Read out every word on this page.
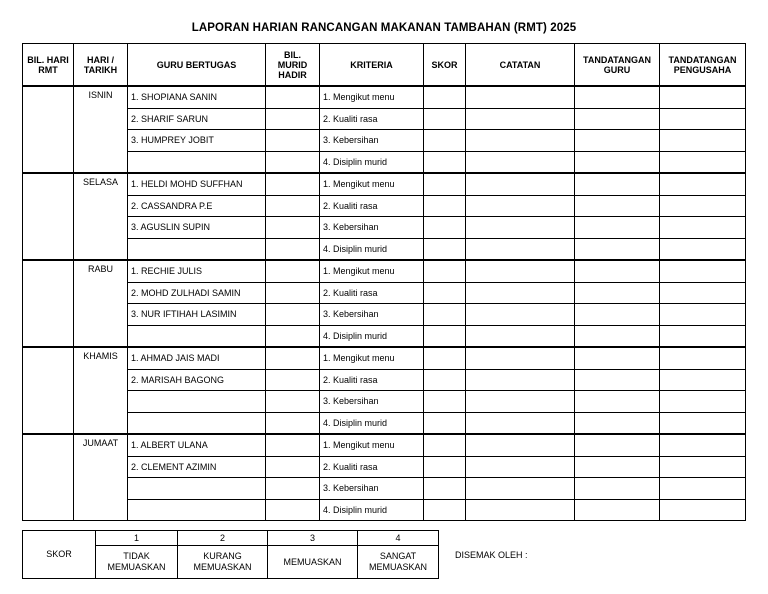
LAPORAN HARIAN RANCANGAN MAKANAN TAMBAHAN (RMT) 2025
BIL. HARI RMT	HARI / TARIKH	GURU BERTUGAS	BIL. MURID HADIR	KRITERIA	SKOR	CATATAN	TANDATANGAN GURU	TANDATANGAN PENGUSAHA
	ISNIN	1. SHOPIANA SANIN		1. Mengikut menu				
		2. SHARIF SARUN		2. Kualiti rasa				
		3. HUMPREY JOBIT		3. Kebersihan				
				4. Disiplin murid				
	SELASA	1. HELDI MOHD SUFFHAN		1. Mengikut menu				
		2. CASSANDRA P.E		2. Kualiti rasa				
		3. AGUSLIN SUPIN		3. Kebersihan				
				4. Disiplin murid				
	RABU	1. RECHIE JULIS		1. Mengikut menu				
		2. MOHD ZULHADI SAMIN		2. Kualiti rasa				
		3. NUR IFTIHAH LASIMIN		3. Kebersihan				
				4. Disiplin murid				
	KHAMIS	1. AHMAD JAIS MADI		1. Mengikut menu				
		2. MARISAH BAGONG		2. Kualiti rasa				
				3. Kebersihan				
				4. Disiplin murid				
	JUMAAT	1. ALBERT ULANA		1. Mengikut menu				
		2. CLEMENT AZIMIN		2. Kualiti rasa				
				3. Kebersihan				
				4. Disiplin murid				
SKOR	1	2	3	4
	TIDAK MEMUASKAN	KURANG MEMUASKAN	MEMUASKAN	SANGAT MEMUASKAN
DISEMAK OLEH :
